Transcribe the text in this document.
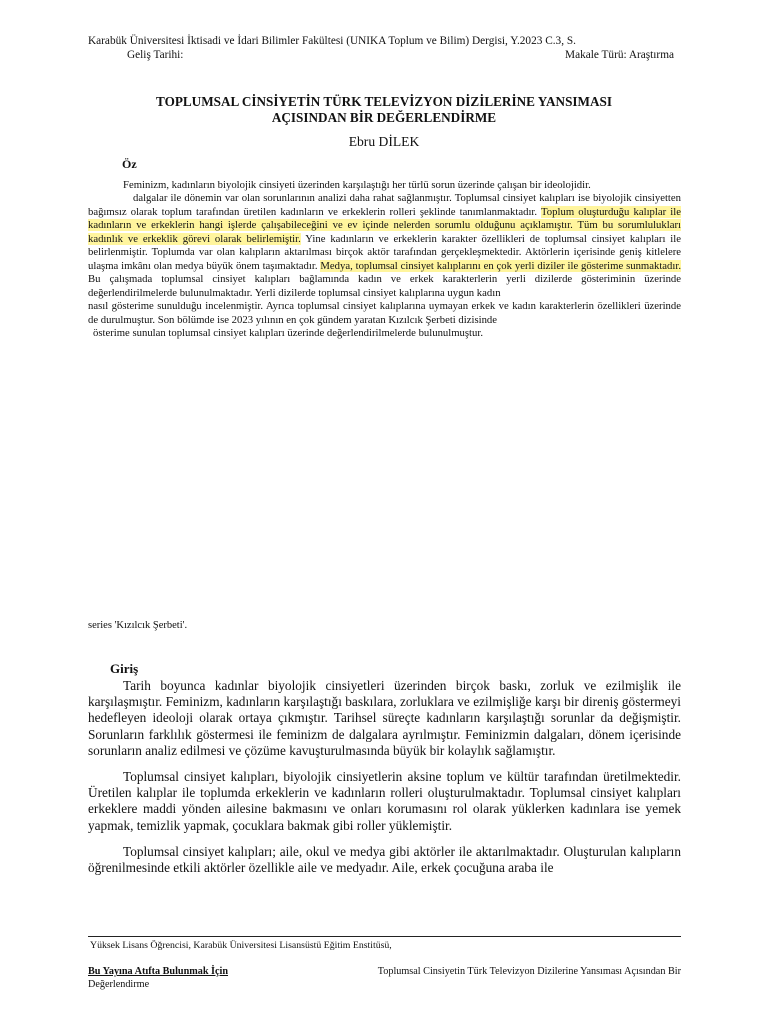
Karabük Üniversitesi İktisadi ve İdari Bilimler Fakültesi (UNIKA Toplum ve Bilim) Dergisi, Y.2023 C.3, S.
Geliş Tarihi:	Makale Türü: Araştırma
TOPLUMSAL CİNSİYETİN TÜRK TELEVİZYON DİZİLERİNE YANSIMASI
AÇISINDAN BİR DEĞERLENDİRME
Ebru DİLEK
Öz

Feminizm, kadınların biyolojik cinsiyeti üzerinden karşılaştığı her türlü sorun üzerinde çalışan bir ideolojidir.

dalgalar ile dönemin var olan sorunlarının analizi daha rahat sağlanmıştır. Toplumsal cinsiyet kalıpları ise biyolojik cinsiyetten bağımsız olarak toplum tarafından üretilen kadınların ve erkeklerin rolleri şeklinde tanımlanmaktadır. Toplum oluşturduğu kalıplar ile kadınların ve erkeklerin hangi işlerde çalışabileceğini ve ev içinde nelerden sorumlu olduğunu açıklamıştır. Tüm bu sorumlulukları kadınlık ve erkeklik görevi olarak belirlemiştir. Yine kadınların ve erkeklerin karakter özellikleri de toplumsal cinsiyet kalıpları ile belirlenmiştir. Toplumda var olan kalıpların aktarılması birçok aktör tarafından gerçekleşmektedir. Aktörlerin içerisinde geniş kitlelere ulaşma imkânı olan medya büyük önem taşımaktadır. Medya, toplumsal cinsiyet kalıplarını en çok yerli diziler ile gösterime sunmaktadır. Bu çalışmada toplumsal cinsiyet kalıpları bağlamında kadın ve erkek karakterlerin yerli dizilerde gösteriminin üzerinde değerlendirilmelerde bulunulmaktadır. Yerli dizilerde toplumsal cinsiyet kalıplarına uygun kadın

nasıl gösterime sunulduğu incelenmiştir. Ayrıca toplumsal cinsiyet kalıplarına uymayan erkek ve kadın karakterlerin özellikleri üzerinde de durulmuştur. Son bölümde ise 2023 yılının en çok gündem yaratan Kızılcık Şerbeti dizisinde

österime sunulan toplumsal cinsiyet kalıpları üzerinde değerlendirilmelerde bulunulmuştur.

series 'Kızılcık Şerbeti'.
Giriş

Tarih boyunca kadınlar biyolojik cinsiyetleri üzerinden birçok baskı, zorluk ve ezilmişlik ile karşılaşmıştır. Feminizm, kadınların karşılaştığı baskılara, zorluklara ve ezilmişliğe karşı bir direniş göstermeyi hedefleyen ideoloji olarak ortaya çıkmıştır. Tarihsel süreçte kadınların karşılaştığı sorunlar da değişmiştir. Sorunların farklılık göstermesi ile feminizm de dalgalara ayrılmıştır. Feminizmin dalgaları, dönem içerisinde sorunların analiz edilmesi ve çözüme kavuşturulmasında büyük bir kolaylık sağlamıştır.

Toplumsal cinsiyet kalıpları, biyolojik cinsiyetlerin aksine toplum ve kültür tarafından üretilmektedir. Üretilen kalıplar ile toplumda erkeklerin ve kadınların rolleri oluşturulmaktadır. Toplumsal cinsiyet kalıpları erkeklere maddi yönden ailesine bakmasını ve onları korumasını rol olarak yüklerken kadınlara ise yemek yapmak, temizlik yapmak, çocuklara bakmak gibi roller yüklemiştir.

Toplumsal cinsiyet kalıpları; aile, okul ve medya gibi aktörler ile aktarılmaktadır. Oluşturulan kalıpların öğrenilmesinde etkili aktörler özellikle aile ve medyadır. Aile, erkek çocuğuna araba ile

Yüksek Lisans Öğrencisi, Karabük Üniversitesi Lisansüstü Eğitim Enstitüsü,
Bu Yayına Atıfta Bulunmak İçin
Değerlendirme
Toplumsal Cinsiyetin Türk Televizyon Dizilerine Yansıması Açısından Bir
